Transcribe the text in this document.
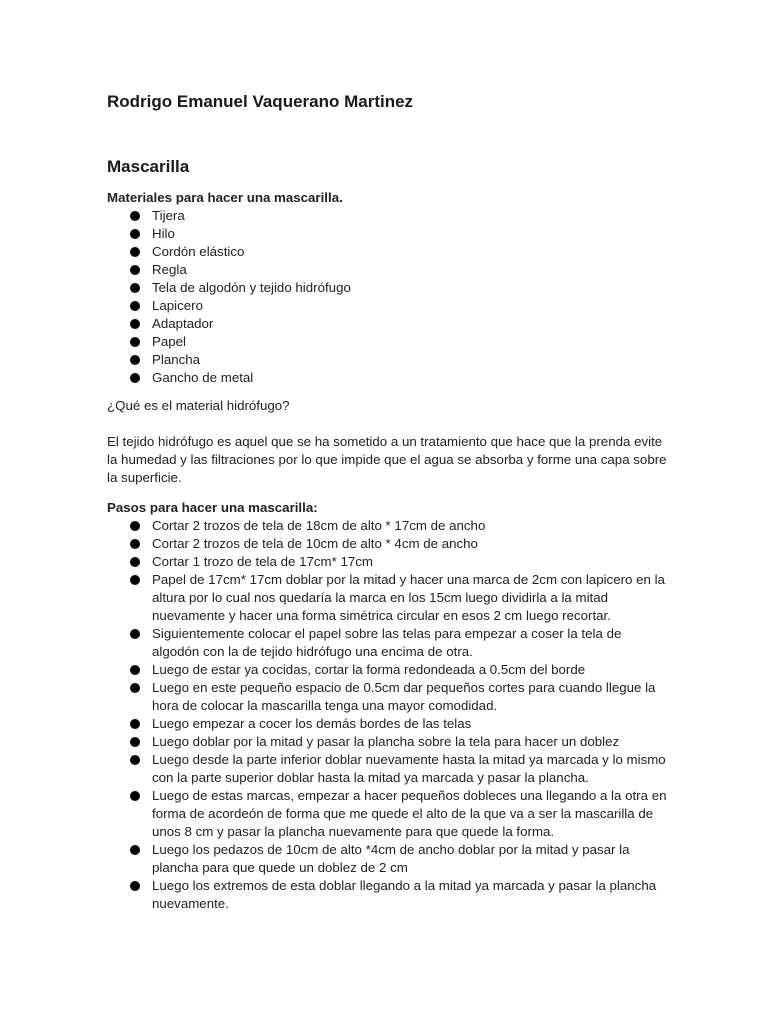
Rodrigo Emanuel Vaquerano Martinez
Mascarilla

Materiales para hacer una mascarilla.

Tijera
Hilo
Cordón elástico
Regla
Tela de algodón y tejido hidrófugo
Lapicero
Adaptador
Papel
Plancha
Gancho de metal

¿Qué es el material hidrófugo?

El tejido hidrófugo es aquel que se ha sometido a un tratamiento que hace que la prenda evite la humedad y las filtraciones por lo que impide que el agua se absorba y forme una capa sobre la superficie.

Pasos para hacer una mascarilla:

Cortar 2 trozos de tela de 18cm de alto * 17cm de ancho
Cortar 2 trozos de tela de 10cm de alto * 4cm de ancho
Cortar 1 trozo de tela de 17cm* 17cm
Papel de 17cm* 17cm doblar por la mitad y hacer una marca de 2cm con lapicero en la altura por lo cual nos quedaría la marca en los 15cm luego dividirla a la mitad nuevamente y hacer una forma simétrica circular en esos 2 cm luego recortar.
Siguientemente colocar el papel sobre las telas para empezar a coser la tela de algodón con la de tejido hidrófugo una encima de otra.
Luego de estar ya cocidas, cortar la forma redondeada a 0.5cm del borde
Luego en este pequeño espacio de 0.5cm dar pequeños cortes para cuando llegue la hora de colocar la mascarilla tenga una mayor comodidad.
Luego empezar a cocer los demás bordes de las telas
Luego doblar por la mitad y pasar la plancha sobre la tela para hacer un doblez
Luego desde la parte inferior doblar nuevamente hasta la mitad ya marcada y lo mismo con la parte superior doblar hasta la mitad ya marcada y pasar la plancha.
Luego de estas marcas, empezar a hacer pequeños dobleces una llegando a la otra en forma de acordeón de forma que me quede el alto de la que va a ser la mascarilla de unos 8 cm y pasar la plancha nuevamente para que quede la forma.
Luego los pedazos de 10cm de alto *4cm de ancho doblar por la mitad y pasar la plancha para que quede un doblez de 2 cm
Luego los extremos de esta doblar llegando a la mitad ya marcada y pasar la plancha nuevamente.
